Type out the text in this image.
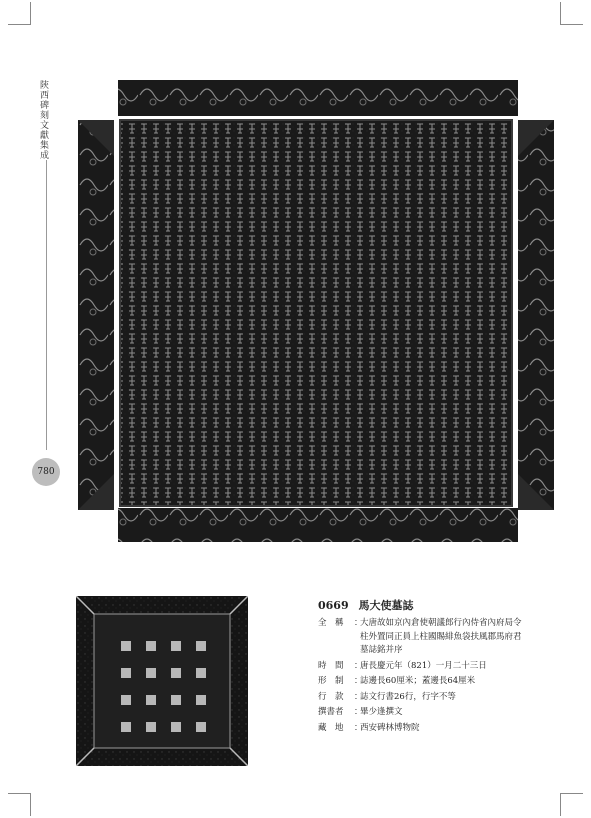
陝西碑刻文獻集成
780
0669 馬大使墓誌
全　稱	：
大唐故如京內倉使朝議郎行內侍省內府局令
柱外置同正員上柱國賜緋魚袋扶風郡馬府君
墓誌銘并序
時　間	：
唐長慶元年（821）一月二十三日
形　制	：
誌邊長60厘米；蓋邊長64厘米
行　款	：
誌文行書26行，行字不等
撰書者	：
畢少逢撰文
藏　地	：
西安碑林博物院
